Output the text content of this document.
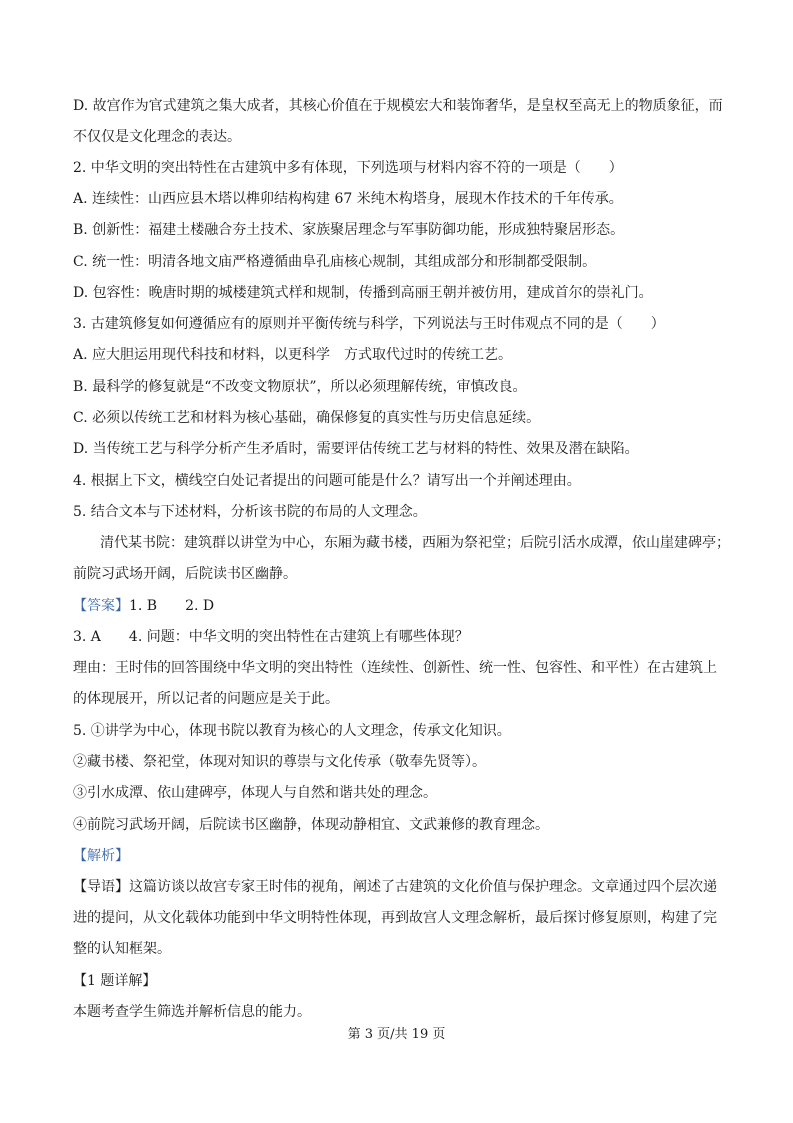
D. 故宫作为官式建筑之集大成者，其核心价值在于规模宏大和装饰奢华，是皇权至高无上的物质象征，而
不仅仅是文化理念的表达。
2. 中华文明的突出特性在古建筑中多有体现，下列选项与材料内容不符的一项是（　　）
A. 连续性：山西应县木塔以榫卯结构构建 67 米纯木构塔身，展现木作技术的千年传承。
B. 创新性：福建土楼融合夯土技术、家族聚居理念与军事防御功能，形成独特聚居形态。
C. 统一性：明清各地文庙严格遵循曲阜孔庙核心规制，其组成部分和形制都受限制。
D. 包容性：晚唐时期的城楼建筑式样和规制，传播到高丽王朝并被仿用，建成首尔的崇礼门。
3. 古建筑修复如何遵循应有的原则并平衡传统与科学，下列说法与王时伟观点不同的是（　　）
A. 应大胆运用现代科技和材料，以更科学　方式取代过时的传统工艺。
B. 最科学的修复就是“不改变文物原状”，所以必须理解传统，审慎改良。
C. 必须以传统工艺和材料为核心基础，确保修复的真实性与历史信息延续。
D. 当传统工艺与科学分析产生矛盾时，需要评估传统工艺与材料的特性、效果及潜在缺陷。
4. 根据上下文，横线空白处记者提出的问题可能是什么？请写出一个并阐述理由。
5. 结合文本与下述材料，分析该书院的布局的人文理念。
清代某书院：建筑群以讲堂为中心，东厢为藏书楼，西厢为祭祀堂；后院引活水成潭，依山崖建碑亭；
前院习武场开阔，后院读书区幽静。
【答案】1. B　　2. D
3. A　　4. 问题：中华文明的突出特性在古建筑上有哪些体现？
理由：王时伟的回答围绕中华文明的突出特性（连续性、创新性、统一性、包容性、和平性）在古建筑上
的体现展开，所以记者的问题应是关于此。
5. ①讲学为中心，体现书院以教育为核心的人文理念，传承文化知识。
②藏书楼、祭祀堂，体现对知识的尊崇与文化传承（敬奉先贤等）。
③引水成潭、依山建碑亭，体现人与自然和谐共处的理念。
④前院习武场开阔，后院读书区幽静，体现动静相宜、文武兼修的教育理念。
【解析】
【导语】这篇访谈以故宫专家王时伟的视角，阐述了古建筑的文化价值与保护理念。文章通过四个层次递
进的提问，从文化载体功能到中华文明特性体现，再到故宫人文理念解析，最后探讨修复原则，构建了完
整的认知框架。
【1 题详解】
本题考查学生筛选并解析信息的能力。
第 3 页/共 19 页
